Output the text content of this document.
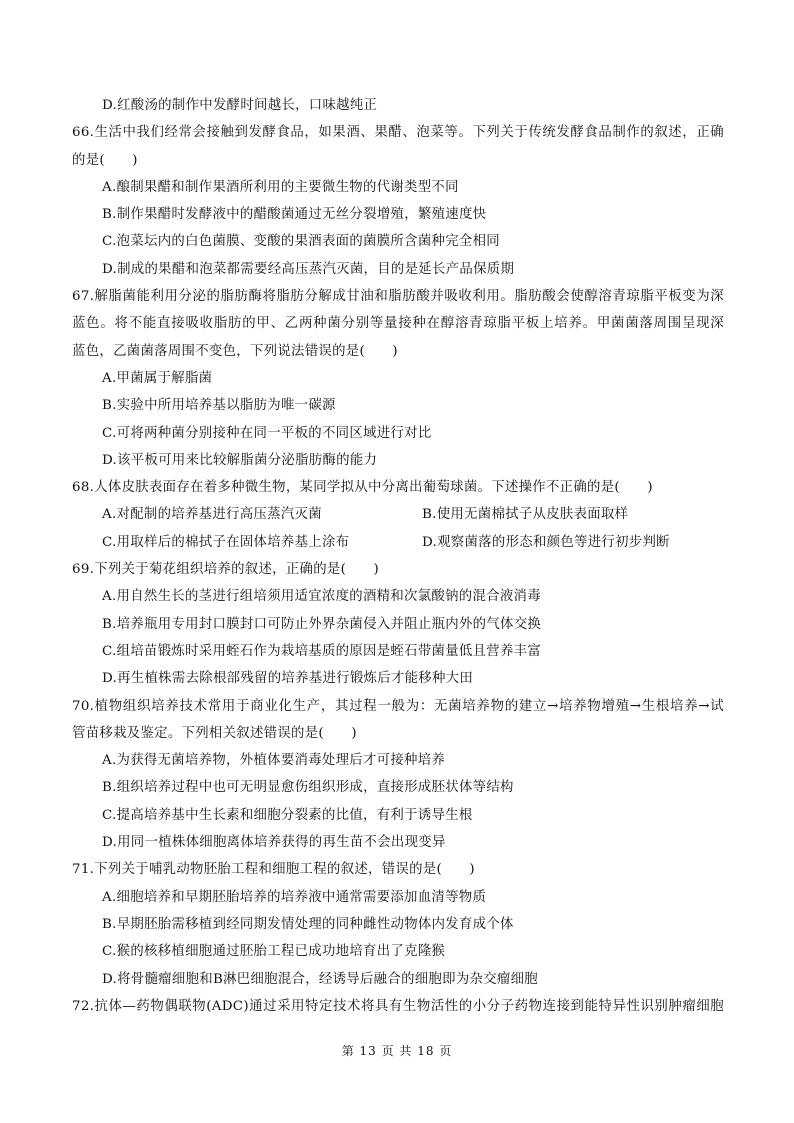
D.红酸汤的制作中发酵时间越长，口味越纯正
66.生活中我们经常会接触到发酵食品，如果酒、果醋、泡菜等。下列关于传统发酵食品制作的叙述，正确
的是(　　)
A.酿制果醋和制作果酒所利用的主要微生物的代谢类型不同
B.制作果醋时发酵液中的醋酸菌通过无丝分裂增殖，繁殖速度快
C.泡菜坛内的白色菌膜、变酸的果酒表面的菌膜所含菌种完全相同
D.制成的果醋和泡菜都需要经高压蒸汽灭菌，目的是延长产品保质期
67.解脂菌能利用分泌的脂肪酶将脂肪分解成甘油和脂肪酸并吸收利用。脂肪酸会使醇溶青琼脂平板变为深
蓝色。将不能直接吸收脂肪的甲、乙两种菌分别等量接种在醇溶青琼脂平板上培养。甲菌菌落周围呈现深
蓝色，乙菌菌落周围不变色，下列说法错误的是(　　)
A.甲菌属于解脂菌
B.实验中所用培养基以脂肪为唯一碳源
C.可将两种菌分别接种在同一平板的不同区域进行对比
D.该平板可用来比较解脂菌分泌脂肪酶的能力
68.人体皮肤表面存在着多种微生物，某同学拟从中分离出葡萄球菌。下述操作不正确的是(　　)
A.对配制的培养基进行高压蒸汽灭菌	B.使用无菌棉拭子从皮肤表面取样
C.用取样后的棉拭子在固体培养基上涂布	D.观察菌落的形态和颜色等进行初步判断
69.下列关于菊花组织培养的叙述，正确的是(　　)
A.用自然生长的茎进行组培须用适宜浓度的酒精和次氯酸钠的混合液消毒
B.培养瓶用专用封口膜封口可防止外界杂菌侵入并阻止瓶内外的气体交换
C.组培苗锻炼时采用蛭石作为栽培基质的原因是蛭石带菌量低且营养丰富
D.再生植株需去除根部残留的培养基进行锻炼后才能移种大田
70.植物组织培养技术常用于商业化生产，其过程一般为：无菌培养物的建立→培养物增殖→生根培养→试
管苗移栽及鉴定。下列相关叙述错误的是(　　)
A.为获得无菌培养物，外植体要消毒处理后才可接种培养
B.组织培养过程中也可无明显愈伤组织形成，直接形成胚状体等结构
C.提高培养基中生长素和细胞分裂素的比值，有利于诱导生根
D.用同一植株体细胞离体培养获得的再生苗不会出现变异
71.下列关于哺乳动物胚胎工程和细胞工程的叙述，错误的是(　　)
A.细胞培养和早期胚胎培养的培养液中通常需要添加血清等物质
B.早期胚胎需移植到经同期发情处理的同种雌性动物体内发育成个体
C.猴的核移植细胞通过胚胎工程已成功地培育出了克隆猴
D.将骨髓瘤细胞和B淋巴细胞混合，经诱导后融合的细胞即为杂交瘤细胞
72.抗体—药物偶联物(ADC)通过采用特定技术将具有生物活性的小分子药物连接到能特异性识别肿瘤细胞
第 13 页 共 18 页
